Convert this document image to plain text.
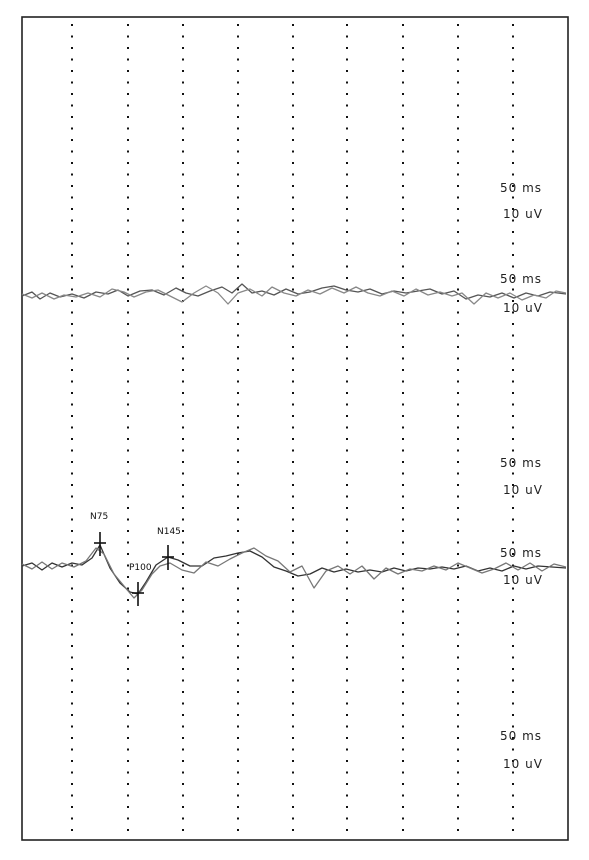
50 ms
10 uV
50 ms
10 uV
50 ms
10 uV
50 ms
10 uV
50 ms
10 uV
N75
P100
N145
